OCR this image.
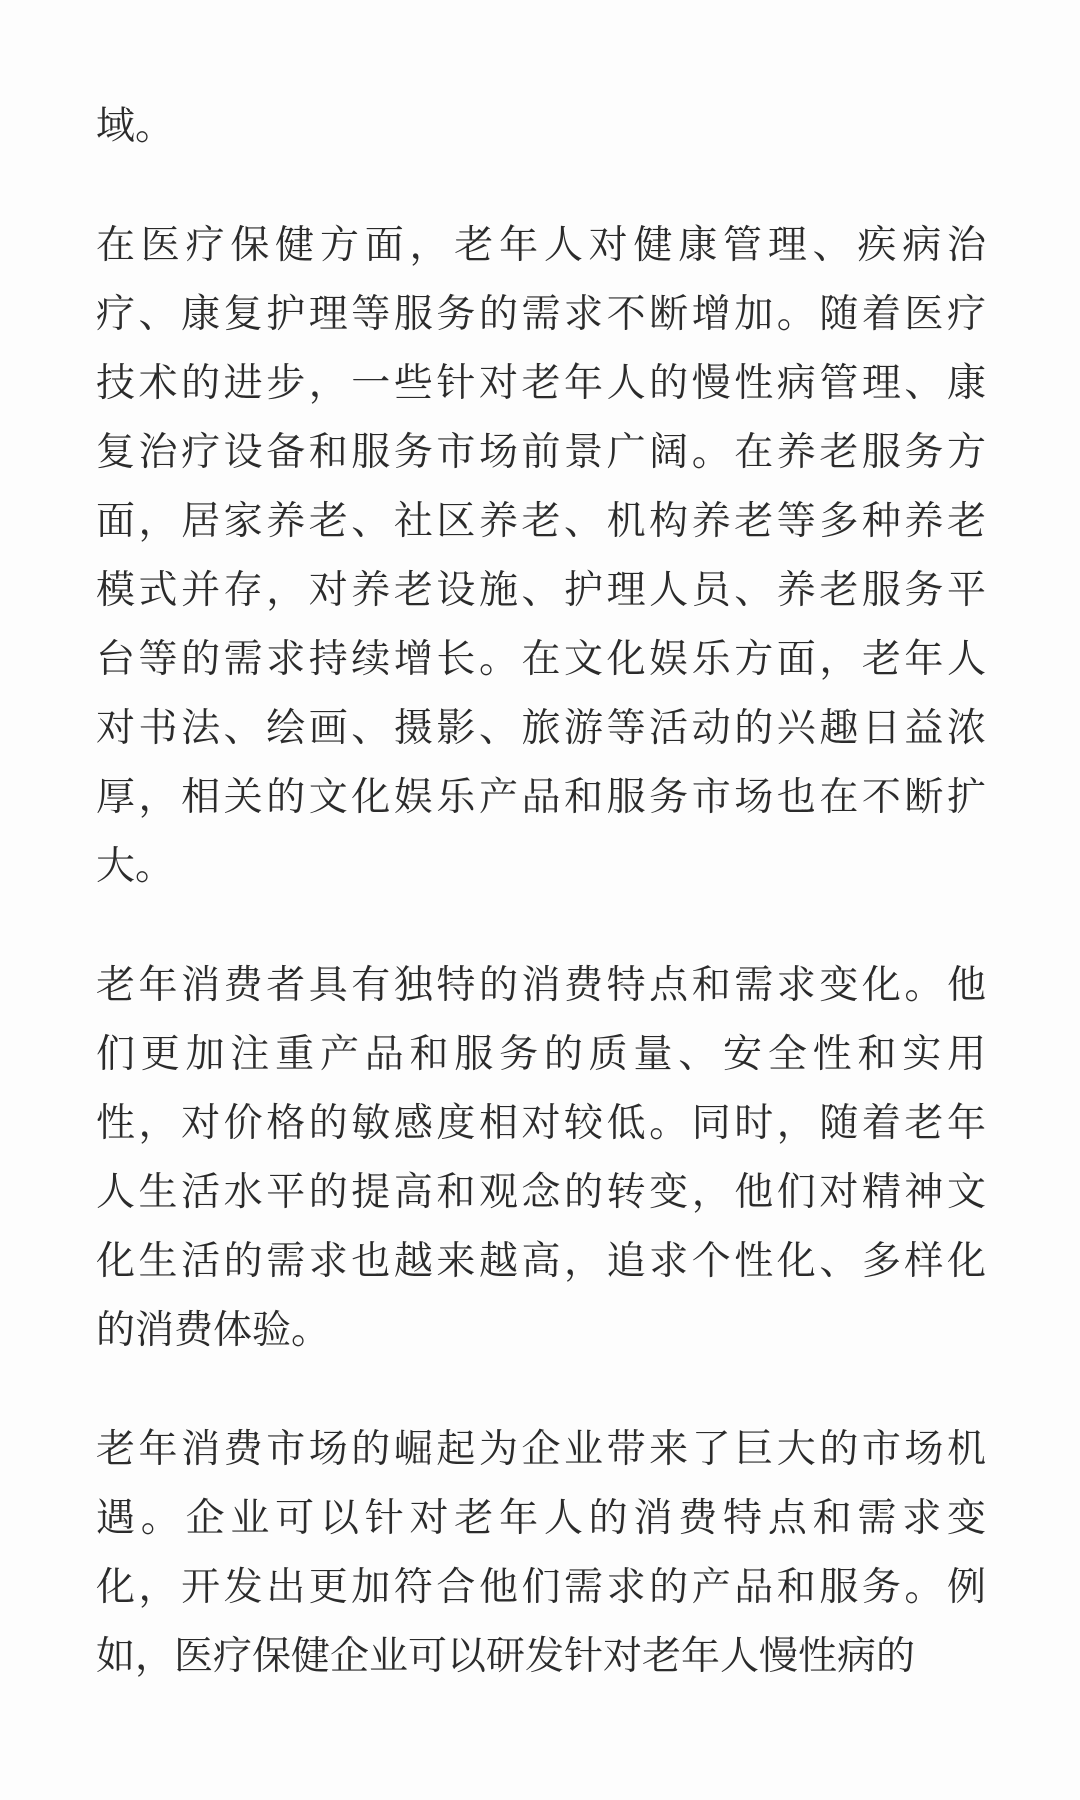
域。

在医疗保健方面，老年人对健康管理、疾病治
疗、康复护理等服务的需求不断增加。随着医疗
技术的进步，一些针对老年人的慢性病管理、康
复治疗设备和服务市场前景广阔。在养老服务方
面，居家养老、社区养老、机构养老等多种养老
模式并存，对养老设施、护理人员、养老服务平
台等的需求持续增长。在文化娱乐方面，老年人
对书法、绘画、摄影、旅游等活动的兴趣日益浓
厚，相关的文化娱乐产品和服务市场也在不断扩
大。

老年消费者具有独特的消费特点和需求变化。他
们更加注重产品和服务的质量、安全性和实用
性，对价格的敏感度相对较低。同时，随着老年
人生活水平的提高和观念的转变，他们对精神文
化生活的需求也越来越高，追求个性化、多样化
的消费体验。

老年消费市场的崛起为企业带来了巨大的市场机
遇。企业可以针对老年人的消费特点和需求变
化，开发出更加符合他们需求的产品和服务。例
如，医疗保健企业可以研发针对老年人慢性病的
